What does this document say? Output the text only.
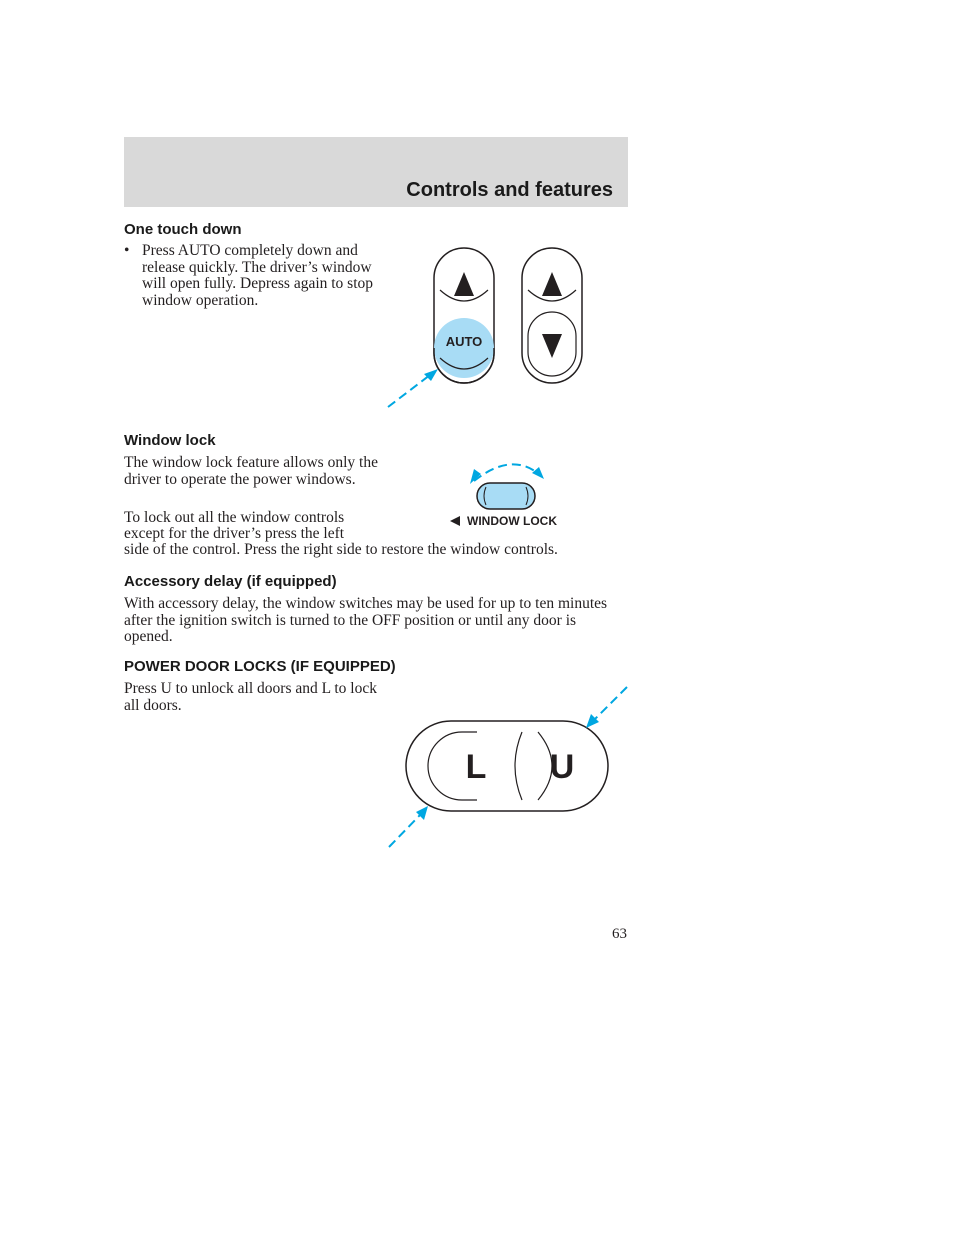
Controls and features
One touch down
• Press AUTO completely down and release quickly. The driver’s window will open fully. Depress again to stop window operation.
AUTO
Window lock

The window lock feature allows only the driver to operate the power windows.

To lock out all the window controls

except for the driver’s press the left

side of the control. Press the right side to restore the window controls.

WINDOW LOCK
Accessory delay (if equipped)

With accessory delay, the window switches may be used for up to ten minutes after the ignition switch is turned to the OFF position or until any door is opened.

POWER DOOR LOCKS (IF EQUIPPED)

Press U to unlock all doors and L to lock all doors.

L U
63
